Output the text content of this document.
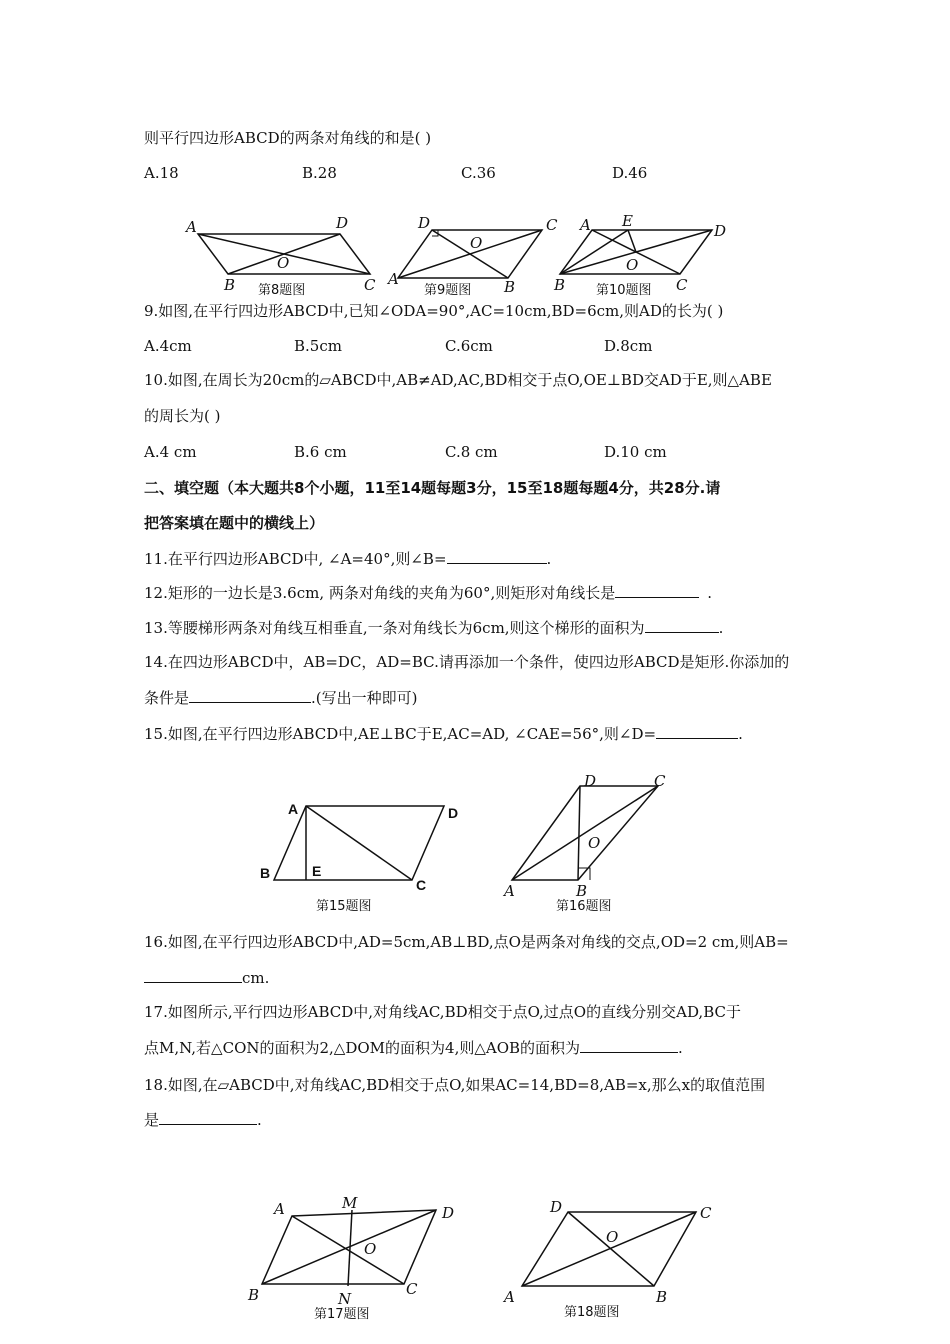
则平行四边形ABCD的两条对角线的和是( )
A.18	B.28	C.36	D.46
A	D
B	C
O
第8题图
D	C
A	B
O
第9题图
A E
D
B	C
O
第10题图
9.如图,在平行四边形ABCD中,已知∠ODA=90°,AC=10cm,BD=6cm,则AD的长为( )
A.4cm	B.5cm	C.6cm	D.8cm
10.如图,在周长为20cm的▱ABCD中,AB≠AD,AC,BD相交于点O,OE⊥BD交AD于E,则△ABE
的周长为( )
A.4 cm	B.6 cm	C.8 cm	D.10 cm
二、填空题（本大题共8个小题，11至14题每题3分，15至18题每题4分，共28分.请
把答案填在题中的横线上）
11.在平行四边形ABCD中, ∠A=40°,则∠B=	.
12.矩形的一边长是3.6cm, 两条对角线的夹角为60°,则矩形对角线长是	.
13.等腰梯形两条对角线互相垂直,一条对角线长为6cm,则这个梯形的面积为	.
14.在四边形ABCD中，AB=DC，AD=BC.请再添加一个条件，使四边形ABCD是矩形.你添加的
条件是	.(写出一种即可)
15.如图,在平行四边形ABCD中,AE⊥BC于E,AC=AD, ∠CAE=56°,则∠D=	.
A	D
B	E
C
第15题图
D	C
O
A	B
第16题图
16.如图,在平行四边形ABCD中,AD=5cm,AB⊥BD,点O是两条对角线的交点,OD=2 cm,则AB=
cm.
17.如图所示,平行四边形ABCD中,对角线AC,BD相交于点O,过点O的直线分别交AD,BC于
点M,N,若△CON的面积为2,△DOM的面积为4,则△AOB的面积为	.
18.如图,在▱ABCD中,对角线AC,BD相交于点O,如果AC=14,BD=8,AB=x,那么x的取值范围
是	.
A	M
D
O
N
B	C
第17题图
D	C
O
A	B
第18题图
